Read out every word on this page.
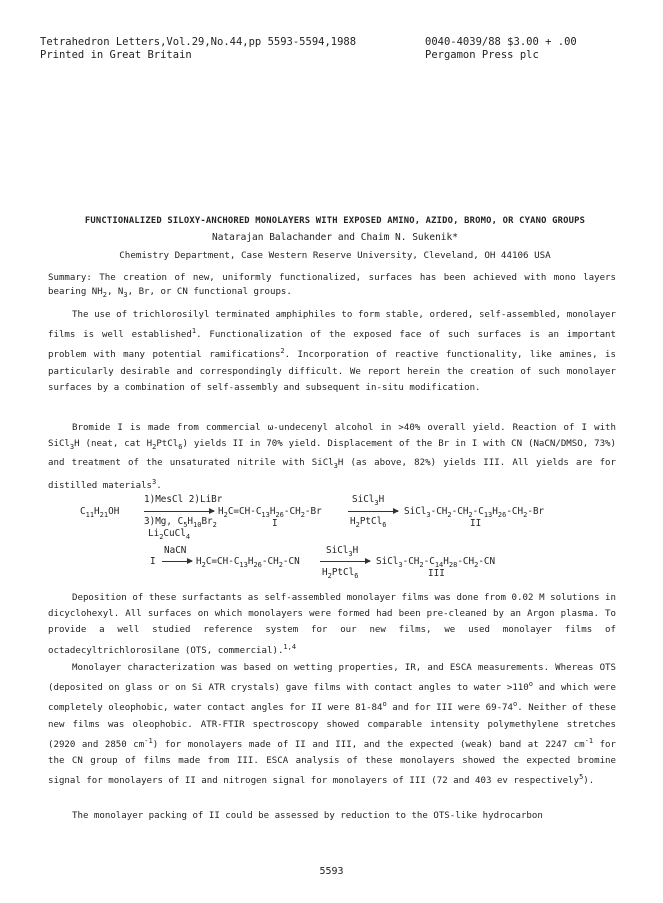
Tetrahedron Letters,Vol.29,No.44,pp 5593-5594,1988
Printed in Great Britain
0040-4039/88 $3.00 + .00
Pergamon Press plc
FUNCTIONALIZED SILOXY-ANCHORED MONOLAYERS WITH EXPOSED AMINO, AZIDO, BROMO, OR CYANO GROUPS
Natarajan Balachander and Chaim N. Sukenik*
Chemistry Department, Case Western Reserve University, Cleveland, OH 44106 USA

Summary: The creation of new, uniformly functionalized, surfaces has been achieved with mono layers bearing $NH_2$, $N_3$, Br, or CN functional groups.

The use of trichlorosilyl terminated amphiphiles to form stable, ordered, self-assembled, monolayer films is well established$^1$. Functionalization of the exposed face of such surfaces is an important problem with many potential ramifications$^2$. Incorporation of reactive functionality, like amines, is particularly desirable and correspondingly difficult. We report herein the creation of such monolayer surfaces by a combination of self-assembly and subsequent in-situ modification.

Bromide I is made from commercial ω-undecenyl alcohol in >40% overall yield. Reaction of I with SiCl$_3$H (neat, cat $H_2PtCl_6$) yields II in 70% yield. Displacement of the Br in I with CN (NaCN/DMSO, 73%) and treatment of the unsaturated nitrile with SiCl$_3$H (as above, 82%) yields III. All yields are for distilled materials$^3$.

$C_{11}H_{21}OH$
1)MesCl 2)LiBr
3)Mg, $C_5H_{10}Br_2$
$Li_2CuCl_4$
$H_2C=CH-C_{13}H_{26}-CH_2-Br$
I
SiCl$_3$H
$H_2PtCl_6$
$SiCl_3-CH_2-CH_2-C_{13}H_{26}-CH_2-Br$
II
I
NaCN
→ $H_2C=CH-C_{13}H_{26}-CH_2-CN$
SiCl$_3$H
$H_2PtCl_6$
$SiCl_3-CH_2-C_{14}H_{28}-CH_2-CN$
III

Deposition of these surfactants as self-assembled monolayer films was done from 0.02 M solutions in dicyclohexyl. All surfaces on which monolayers were formed had been pre-cleaned by an Argon plasma. To provide a well studied reference system for our new films, we used monolayer films of octadecyltrichlorosilane (OTS, commercial).$^{1,4}$

Monolayer characterization was based on wetting properties, IR, and ESCA measurements. Whereas OTS (deposited on glass or on Si ATR crystals) gave films with contact angles to water $>110^o$ and which were completely oleophobic, water contact angles for II were 81-84$^o$ and for III were 69-74$^o$. Neither of these new films was oleophobic. ATR-FTIR spectroscopy showed comparable intensity polymethylene stretches (2920 and 2850 $cm^{-1}$) for monolayers made of II and III, and the expected (weak) band at 2247 $cm^{-1}$ for the CN group of films made from III. ESCA analysis of these monolayers showed the expected bromine signal for monolayers of II and nitrogen signal for monolayers of III (72 and 403 ev respectively$^5$).

The monolayer packing of II could be assessed by reduction to the OTS-like hydrocarbon

5593
